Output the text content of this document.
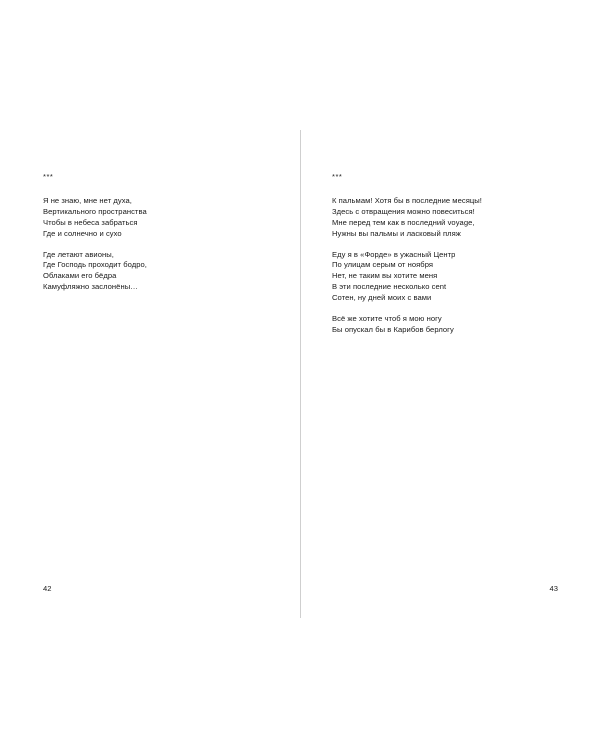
***
Я не знаю, мне нет духа,
Вертикального пространства
Чтобы в небеса забраться
Где и солнечно и сухо
Где летают авионы,
Где Господь проходит бодро,
Облаками его бёдра
Камуфляжно заслонёны…
42
***
К пальмам! Хотя бы в последние месяцы!
Здесь с отвращения можно повеситься!
Мне перед тем как в последний voyage,
Нужны вы пальмы и ласковый пляж
Еду я в «Форде» в ужасный Центр
По улицам серым от ноября
Нет, не таким вы хотите меня
В эти последние несколько cent
Сотен, ну дней моих с вами
Всё же хотите чтоб я мою ногу
Бы опускал бы в Карибов берлогу
43
